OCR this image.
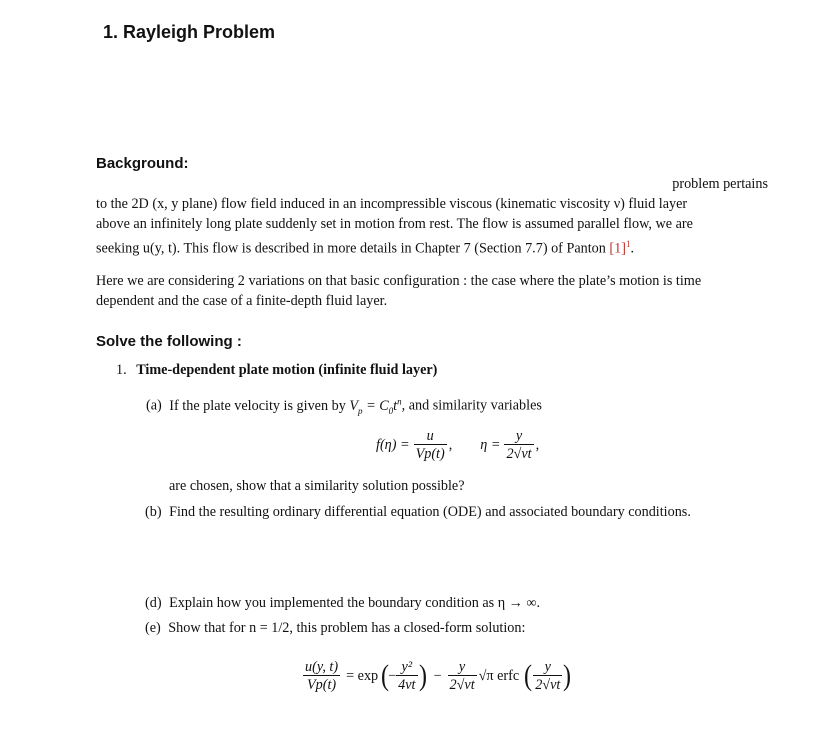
1. Rayleigh Problem
Background:
problem pertains
to the 2D (x, y plane) flow field induced in an incompressible viscous (kinematic viscosity ν) fluid layer
above an infinitely long plate suddenly set in motion from rest. The flow is assumed parallel flow, we are
seeking u(y, t). This flow is described in more details in Chapter 7 (Section 7.7) of Panton $[1]^1$.
Here we are considering 2 variations on that basic configuration : the case where the plate’s motion is time
dependent and the case of a finite-depth fluid layer.
Solve the following :
1. Time-dependent plate motion (infinite fluid layer)
(a) If the plate velocity is given by $V_p = C_0t^n$, and similarity variables
$f(\eta) = \frac{u}{Vp(t)}$ , $\eta = \frac{y}{2√\nu t}$ ,
are chosen, show that a similarity solution possible?
(b) Find the resulting ordinary differential equation (ODE) and associated boundary conditions.
(d) Explain how you implemented the boundary condition as η → ∞.
(e) Show that for n = 1/2, this problem has a closed-form solution:
$\frac{u(y, t)}{Vp(t)} = \exp$ ( − $\frac{\text{y²}}{4\nu t}$ ) − $\frac{y}{2√\nu t} √\pi$ erfc ( $\frac{y}{2√\nu t}$ )
